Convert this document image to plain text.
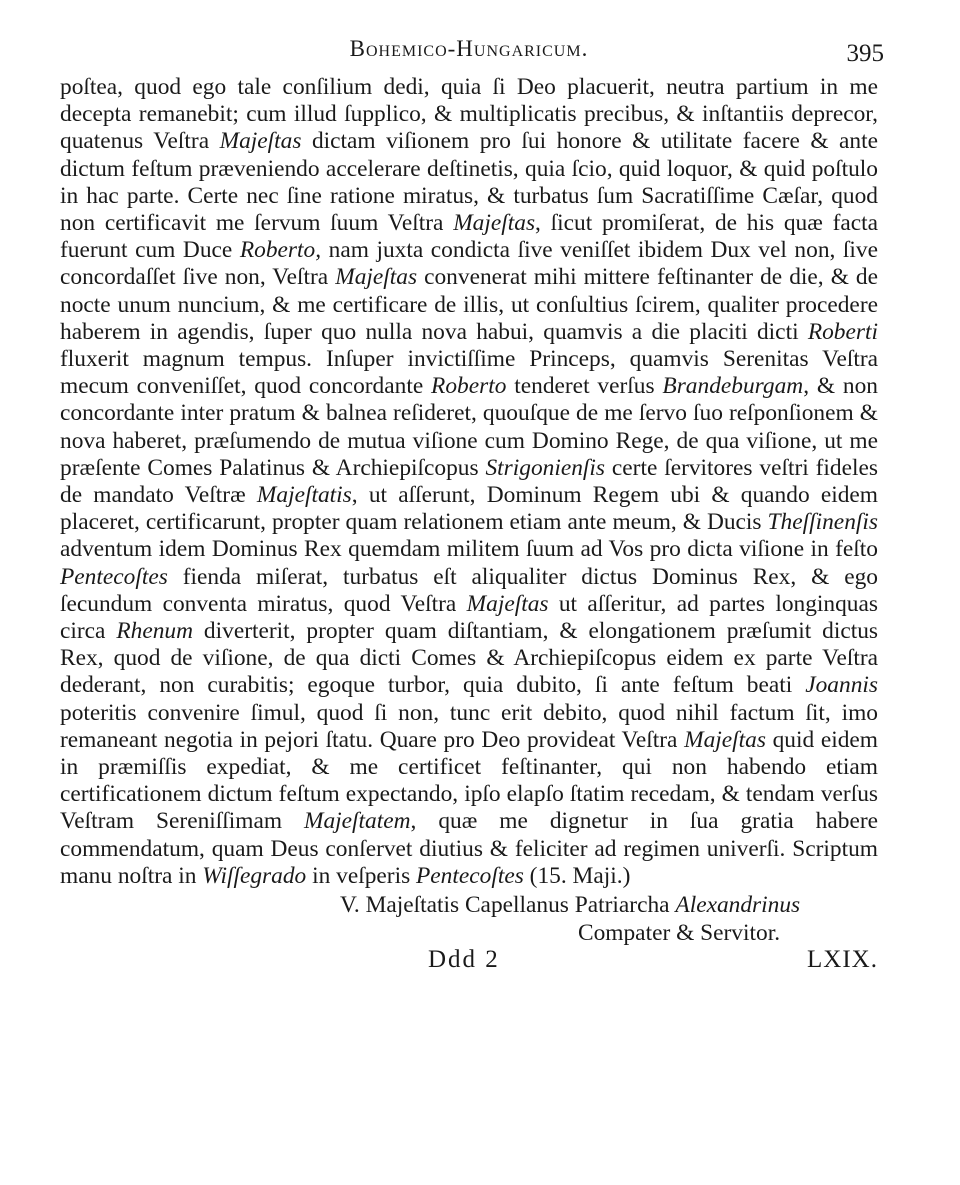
Bohemico-Hungaricum.	395

poſtea, quod ego tale conſilium dedi, quia ſi Deo placuerit, neutra partium in me decepta remanebit; cum illud ſupplico, & multiplicatis precibus, & inſtantiis deprecor, quatenus Veſtra Majeſtas dictam viſionem pro ſui honore & utilitate facere & ante dictum feſtum præveniendo accelerare deſtinetis, quia ſcio, quid loquor, & quid poſtulo in hac parte. Certe nec ſine ratione miratus, & turbatus ſum Sacratiſſime Cæſar, quod non certificavit me ſervum ſuum Veſtra Majeſtas, ſicut promiſerat, de his quæ facta fuerunt cum Duce Roberto, nam juxta condicta ſive veniſſet ibidem Dux vel non, ſive concordaſſet ſive non, Veſtra Majeſtas convenerat mihi mittere feſtinanter de die, & de nocte unum nuncium, & me certificare de illis, ut conſultius ſcirem, qualiter procedere haberem in agendis, ſuper quo nulla nova habui, quamvis a die placiti dicti Roberti fluxerit magnum tempus. Inſuper invictiſſime Princeps, quamvis Serenitas Veſtra mecum conveniſſet, quod concordante Roberto tenderet verſus Brandeburgam, & non concordante inter pratum & balnea reſideret, quouſque de me ſervo ſuo reſponſionem & nova haberet, præſumendo de mutua viſione cum Domino Rege, de qua viſione, ut me præſente Comes Palatinus & Archiepiſcopus Strigonienſis certe ſervitores veſtri fideles de mandato Veſtræ Majeſtatis, ut aſſerunt, Dominum Regem ubi & quando eidem placeret, certificarunt, propter quam relationem etiam ante meum, & Ducis Theſſinenſis adventum idem Dominus Rex quemdam militem ſuum ad Vos pro dicta viſione in feſto Pentecoſtes fienda miſerat, turbatus eſt aliqualiter dictus Dominus Rex, & ego ſecundum conventa miratus, quod Veſtra Majeſtas ut aſſeritur, ad partes longinquas circa Rhenum diverterit, propter quam diſtantiam, & elongationem præſumit dictus Rex, quod de viſione, de qua dicti Comes & Archiepiſcopus eidem ex parte Veſtra dederant, non curabitis; egoque turbor, quia dubito, ſi ante feſtum beati Joannis poteritis convenire ſimul, quod ſi non, tunc erit debito, quod nihil factum ſit, imo remaneant negotia in pejori ſtatu. Quare pro Deo provideat Veſtra Majeſtas quid eidem in præmiſſis expediat, & me certificet feſtinanter, qui non habendo etiam certificationem dictum feſtum expectando, ipſo elapſo ſtatim recedam, & tendam verſus Veſtram Sereniſſimam Majeſtatem, quæ me dignetur in ſua gratia habere commendatum, quam Deus conſervet diutius & feliciter ad regimen univerſi. Scriptum manu noſtra in Wiſſegrado in veſperis Pentecoſtes (15. Maji.)

V. Majeſtatis Capellanus Patriarcha Alexandrinus
Compater & Servitor.
Ddd 2	LXIX.
